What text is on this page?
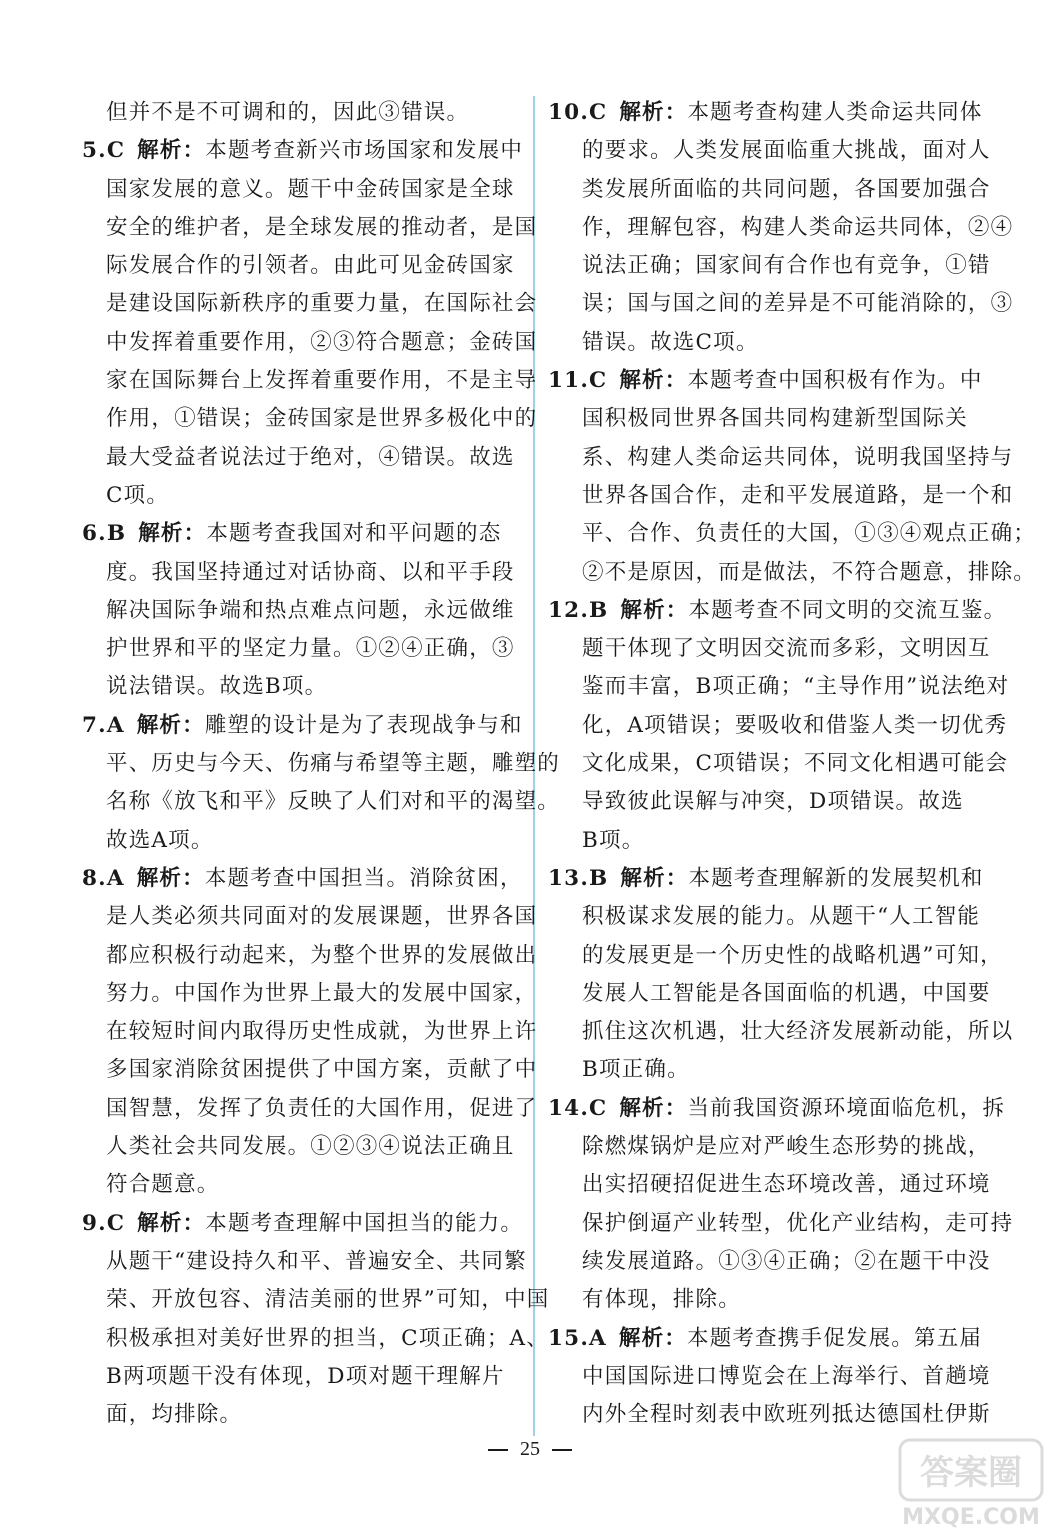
但并不是不可调和的，因此③错误。
5.C 解析：本题考查新兴市场国家和发展中
国家发展的意义。题干中金砖国家是全球
安全的维护者，是全球发展的推动者，是国
际发展合作的引领者。由此可见金砖国家
是建设国际新秩序的重要力量，在国际社会
中发挥着重要作用，②③符合题意；金砖国
家在国际舞台上发挥着重要作用，不是主导
作用，①错误；金砖国家是世界多极化中的
最大受益者说法过于绝对，④错误。故选
C项。
6.B 解析：本题考查我国对和平问题的态
度。我国坚持通过对话协商、以和平手段
解决国际争端和热点难点问题，永远做维
护世界和平的坚定力量。①②④正确，③
说法错误。故选B项。
7.A 解析：雕塑的设计是为了表现战争与和
平、历史与今天、伤痛与希望等主题，雕塑的
名称《放飞和平》反映了人们对和平的渴望。
故选A项。
8.A 解析：本题考查中国担当。消除贫困，
是人类必须共同面对的发展课题，世界各国
都应积极行动起来，为整个世界的发展做出
努力。中国作为世界上最大的发展中国家，
在较短时间内取得历史性成就，为世界上许
多国家消除贫困提供了中国方案，贡献了中
国智慧，发挥了负责任的大国作用，促进了
人类社会共同发展。①②③④说法正确且
符合题意。
9.C 解析：本题考查理解中国担当的能力。
从题干“建设持久和平、普遍安全、共同繁
荣、开放包容、清洁美丽的世界”可知，中国
积极承担对美好世界的担当，C项正确；A、
B两项题干没有体现，D项对题干理解片
面，均排除。
10.C 解析：本题考查构建人类命运共同体
的要求。人类发展面临重大挑战，面对人
类发展所面临的共同问题，各国要加强合
作，理解包容，构建人类命运共同体，②④
说法正确；国家间有合作也有竞争，①错
误；国与国之间的差异是不可能消除的，③
错误。故选C项。
11.C 解析：本题考查中国积极有作为。中
国积极同世界各国共同构建新型国际关
系、构建人类命运共同体，说明我国坚持与
世界各国合作，走和平发展道路，是一个和
平、合作、负责任的大国，①③④观点正确；
②不是原因，而是做法，不符合题意，排除。
12.B 解析：本题考查不同文明的交流互鉴。
题干体现了文明因交流而多彩，文明因互
鉴而丰富，B项正确；“主导作用”说法绝对
化，A项错误；要吸收和借鉴人类一切优秀
文化成果，C项错误；不同文化相遇可能会
导致彼此误解与冲突，D项错误。故选
B项。
13.B 解析：本题考查理解新的发展契机和
积极谋求发展的能力。从题干“人工智能
的发展更是一个历史性的战略机遇”可知，
发展人工智能是各国面临的机遇，中国要
抓住这次机遇，壮大经济发展新动能，所以
B项正确。
14.C 解析：当前我国资源环境面临危机，拆
除燃煤锅炉是应对严峻生态形势的挑战，
出实招硬招促进生态环境改善，通过环境
保护倒逼产业转型，优化产业结构，走可持
续发展道路。①③④正确；②在题干中没
有体现，排除。
15.A 解析：本题考查携手促发展。第五届
中国国际进口博览会在上海举行、首趟境
内外全程时刻表中欧班列抵达德国杜伊斯
25
答案圈
MXQE.COM
